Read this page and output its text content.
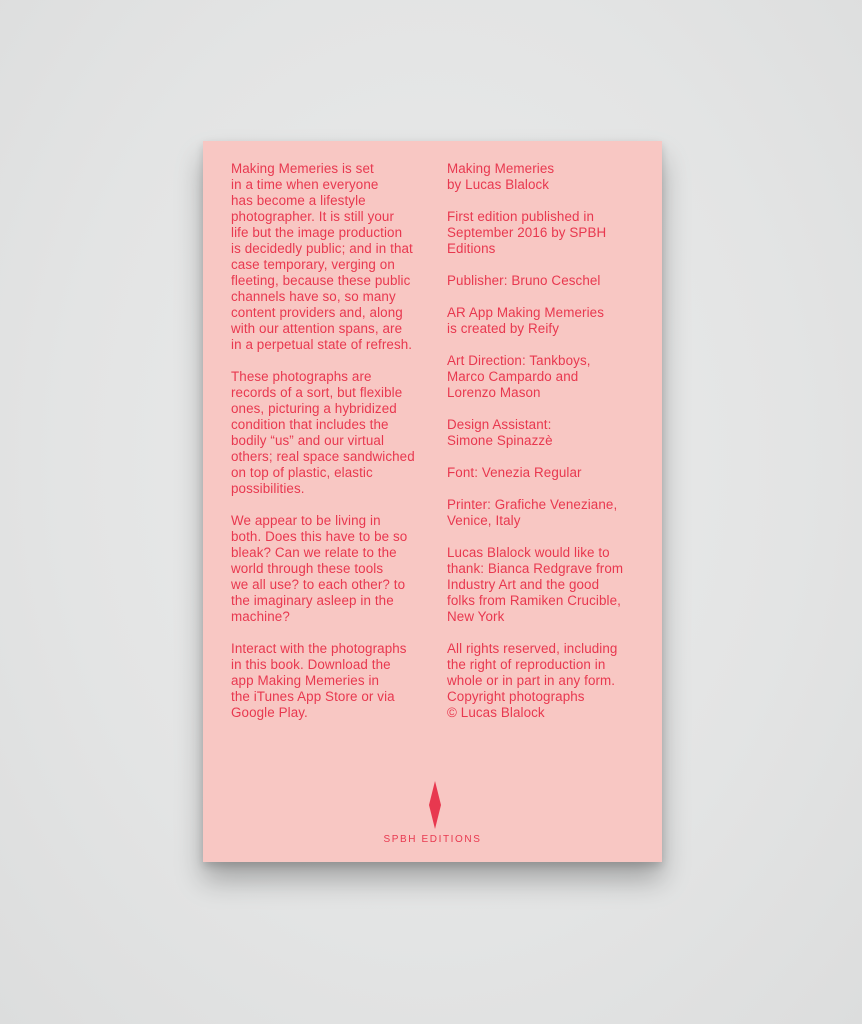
Making Memeries is set
in a time when everyone
has become a lifestyle
photographer. It is still your
life but the image production
is decidedly public; and in that
case temporary, verging on
fleeting, because these public
channels have so, so many
content providers and, along
with our attention spans, are
in a perpetual state of refresh.

These photographs are
records of a sort, but flexible
ones, picturing a hybridized
condition that includes the
bodily “us” and our virtual
others; real space sandwiched
on top of plastic, elastic
possibilities.

We appear to be living in
both. Does this have to be so
bleak? Can we relate to the
world through these tools
we all use? to each other? to
the imaginary asleep in the
machine?

Interact with the photographs
in this book. Download the
app Making Memeries in
the iTunes App Store or via
Google Play.

Making Memeries
by Lucas Blalock

First edition published in
September 2016 by SPBH
Editions

Publisher: Bruno Ceschel

AR App Making Memeries
is created by Reify

Art Direction: Tankboys,
Marco Campardo and
Lorenzo Mason

Design Assistant:
Simone Spinazzè

Font: Venezia Regular

Printer: Grafiche Veneziane,
Venice, Italy

Lucas Blalock would like to
thank: Bianca Redgrave from
Industry Art and the good
folks from Ramiken Crucible,
New York

All rights reserved, including
the right of reproduction in
whole or in part in any form.
Copyright photographs
© Lucas Blalock

SPBH EDITIONS
